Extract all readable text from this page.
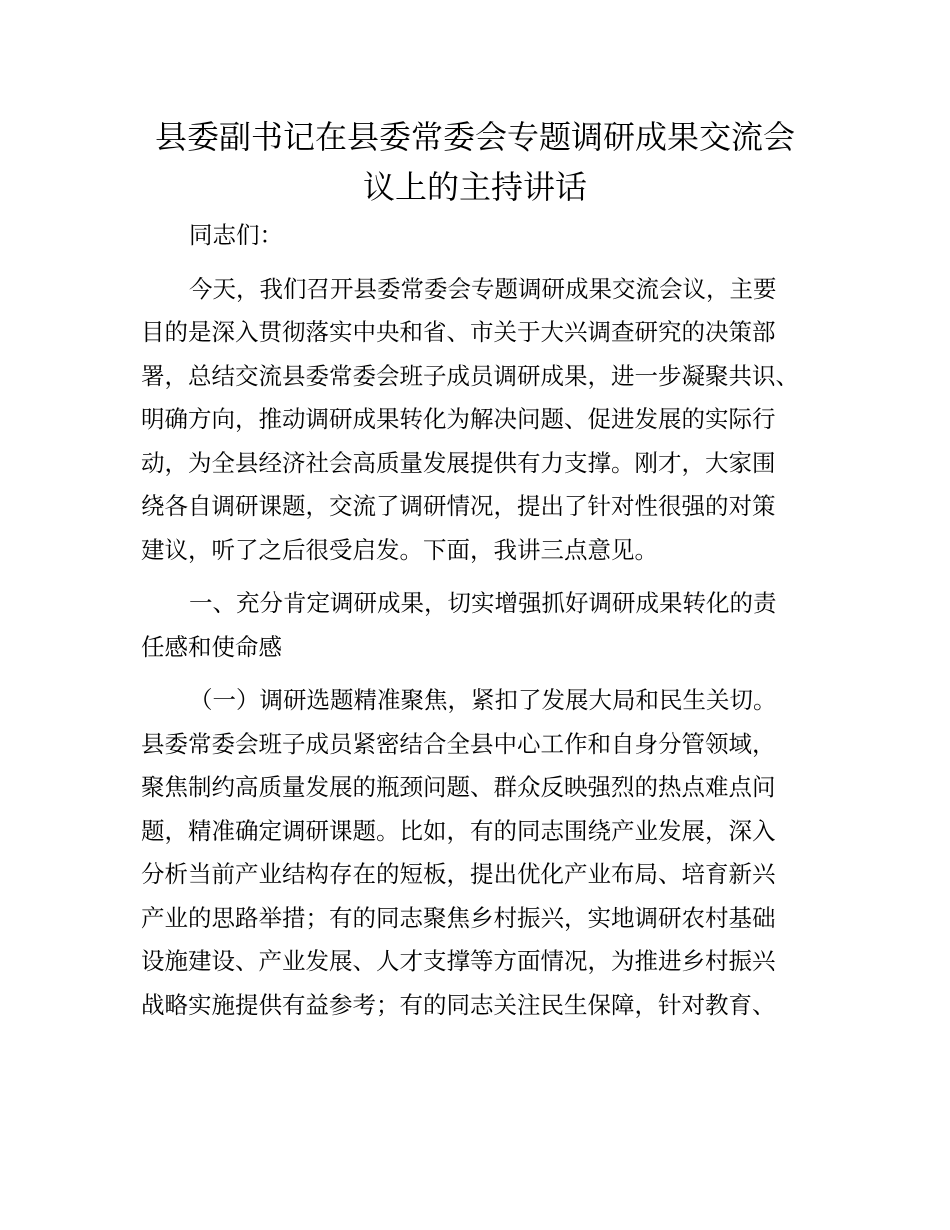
县委副书记在县委常委会专题调研成果交流会
议上的主持讲话

同志们：

今天，我们召开县委常委会专题调研成果交流会议，主要
目的是深入贯彻落实中央和省、市关于大兴调查研究的决策部
署，总结交流县委常委会班子成员调研成果，进一步凝聚共识、
明确方向，推动调研成果转化为解决问题、促进发展的实际行
动，为全县经济社会高质量发展提供有力支撑。刚才，大家围
绕各自调研课题，交流了调研情况，提出了针对性很强的对策
建议，听了之后很受启发。下面，我讲三点意见。

一、充分肯定调研成果，切实增强抓好调研成果转化的责
任感和使命感

（一）调研选题精准聚焦，紧扣了发展大局和民生关切。
县委常委会班子成员紧密结合全县中心工作和自身分管领域，
聚焦制约高质量发展的瓶颈问题、群众反映强烈的热点难点问
题，精准确定调研课题。比如，有的同志围绕产业发展，深入
分析当前产业结构存在的短板，提出优化产业布局、培育新兴
产业的思路举措；有的同志聚焦乡村振兴，实地调研农村基础
设施建设、产业发展、人才支撑等方面情况，为推进乡村振兴
战略实施提供有益参考；有的同志关注民生保障，针对教育、
